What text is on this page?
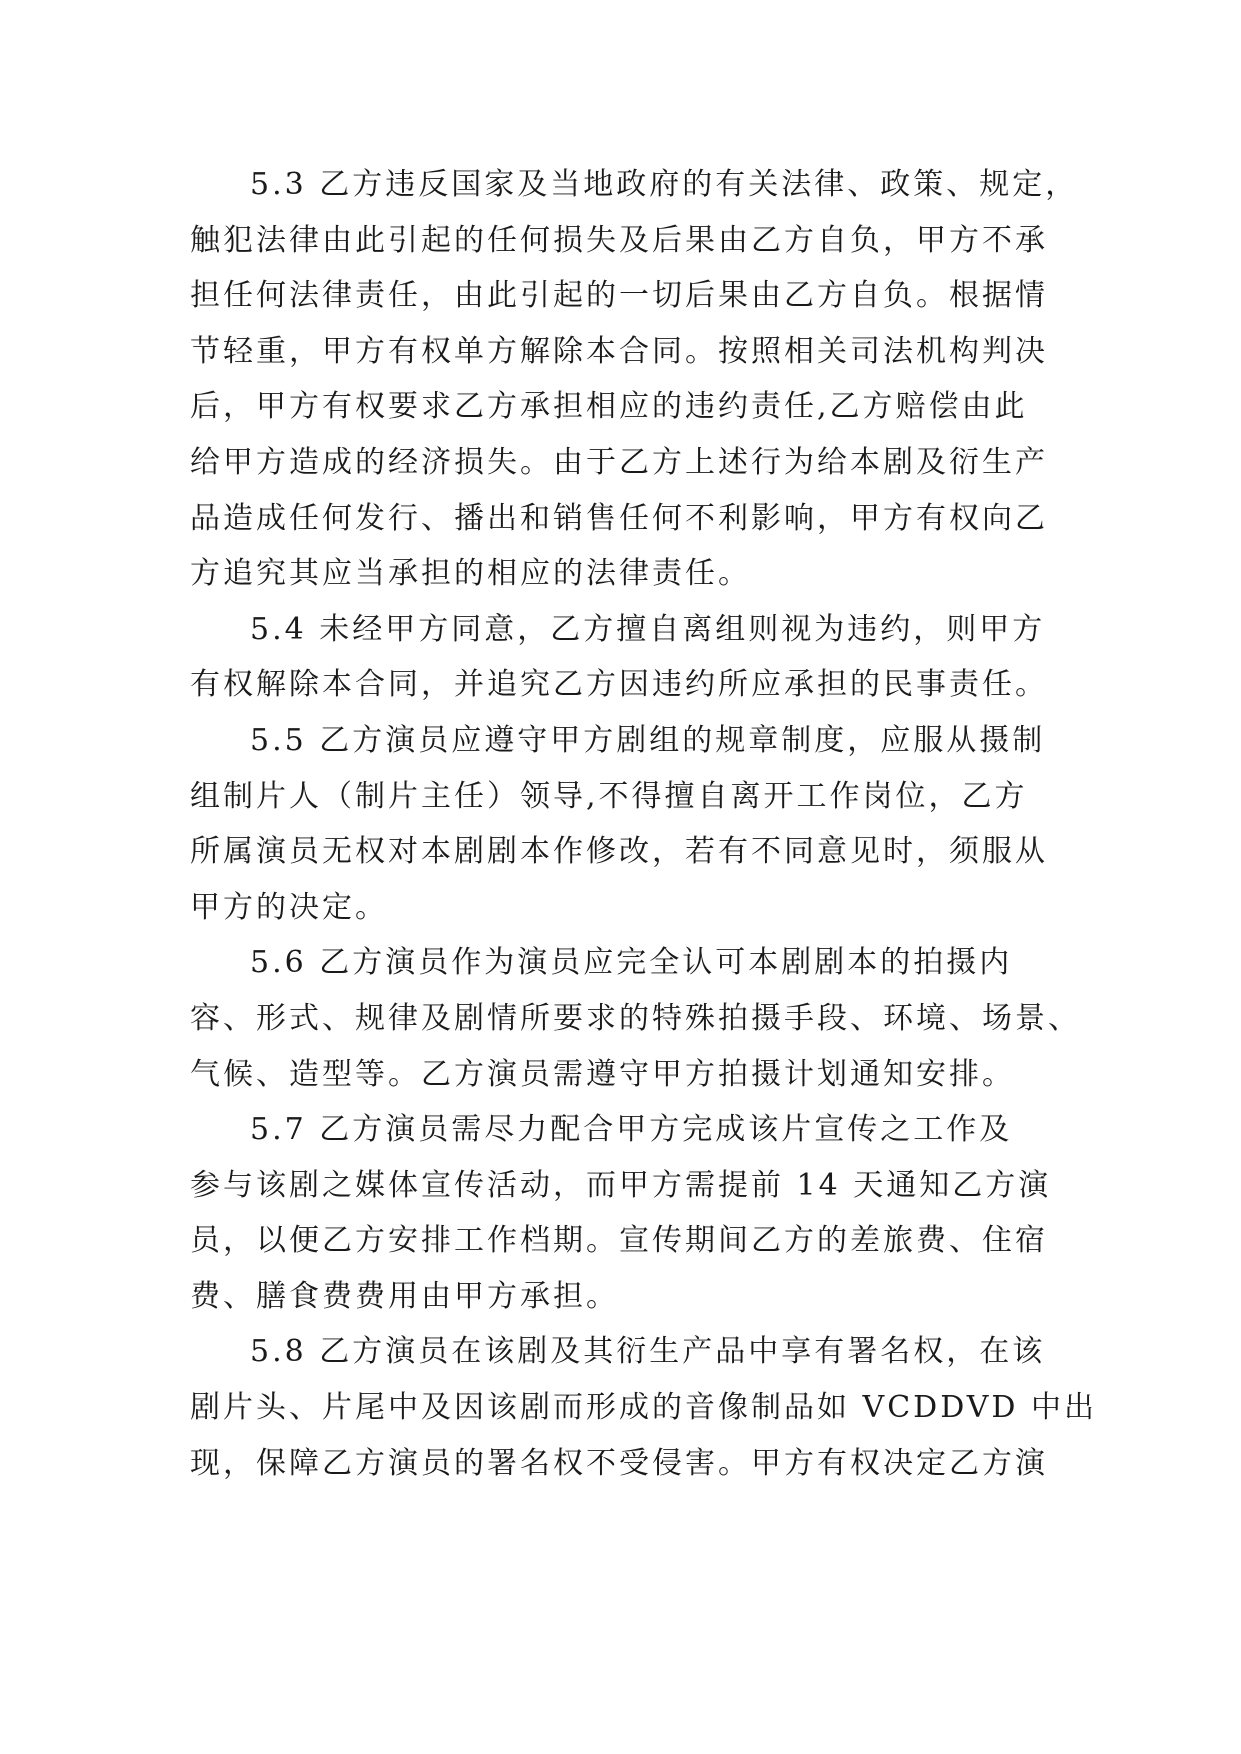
5.3 乙方违反国家及当地政府的有关法律、政策、规定，
触犯法律由此引起的任何损失及后果由乙方自负，甲方不承
担任何法律责任，由此引起的一切后果由乙方自负。根据情
节轻重，甲方有权单方解除本合同。按照相关司法机构判决
后，甲方有权要求乙方承担相应的违约责任,乙方赔偿由此
给甲方造成的经济损失。由于乙方上述行为给本剧及衍生产
品造成任何发行、播出和销售任何不利影响，甲方有权向乙
方追究其应当承担的相应的法律责任。
5.4 未经甲方同意，乙方擅自离组则视为违约，则甲方
有权解除本合同，并追究乙方因违约所应承担的民事责任。
5.5 乙方演员应遵守甲方剧组的规章制度，应服从摄制
组制片人（制片主任）领导,不得擅自离开工作岗位，乙方
所属演员无权对本剧剧本作修改，若有不同意见时，须服从
甲方的决定。
5.6 乙方演员作为演员应完全认可本剧剧本的拍摄内
容、形式、规律及剧情所要求的特殊拍摄手段、环境、场景、
气候、造型等。乙方演员需遵守甲方拍摄计划通知安排。
5.7 乙方演员需尽力配合甲方完成该片宣传之工作及
参与该剧之媒体宣传活动，而甲方需提前 14 天通知乙方演
员，以便乙方安排工作档期。宣传期间乙方的差旅费、住宿
费、膳食费费用由甲方承担。
5.8 乙方演员在该剧及其衍生产品中享有署名权，在该
剧片头、片尾中及因该剧而形成的音像制品如 VCDDVD 中出
现，保障乙方演员的署名权不受侵害。甲方有权决定乙方演
